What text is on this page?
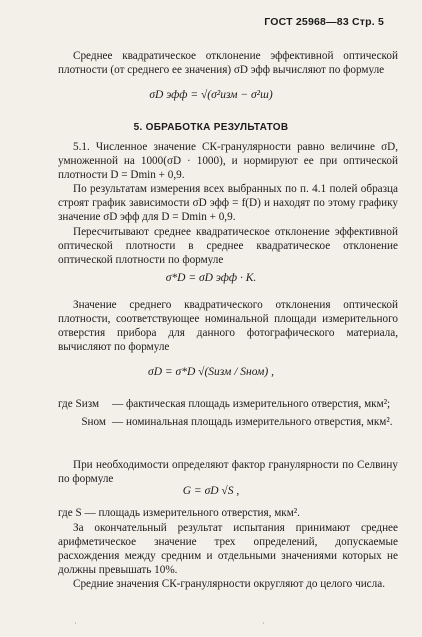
ГОСТ 25968—83 Стр. 5

Среднее квадратическое отклонение эффективной оптической плотности (от среднего ее значения) σD эфф вычисляют по формуле

σD эфф = √(σ²изм − σ²ш)
5. ОБРАБОТКА РЕЗУЛЬТАТОВ

5.1. Численное значение СК-гранулярности равно величине σD, умноженной на 1000(σD · 1000), и нормируют ее при оптической плотности D = Dmin + 0,9.

По результатам измерения всех выбранных по п. 4.1 полей образца строят график зависимости σD эфф = f(D) и находят по этому графику значение σD эфф для D = Dmin + 0,9.

Пересчитывают среднее квадратическое отклонение эффективной оптической плотности в среднее квадратическое отклонение оптической плотности по формуле

σ*D = σD эфф · K.

Значение среднего квадратического отклонения оптической плотности, соответствующее номинальной площади измерительного отверстия прибора для данного фотографического материала, вычисляют по формуле

σD = σ*D √(Sизм / Sном) ,
где Sизм — фактическая площадь измерительного отверстия, мкм²;
Sном — номинальная площадь измерительного отверстия, мкм².

При необходимости определяют фактор гранулярности по Селвину по формуле

G = σD √S ,

где S — площадь измерительного отверстия, мкм².

За окончательный результат испытания принимают среднее арифметическое значение трех определений, допускаемые расхождения между средним и отдельными значениями которых не должны превышать 10%.

Средние значения СК-гранулярности округляют до целого числа.

·	·
